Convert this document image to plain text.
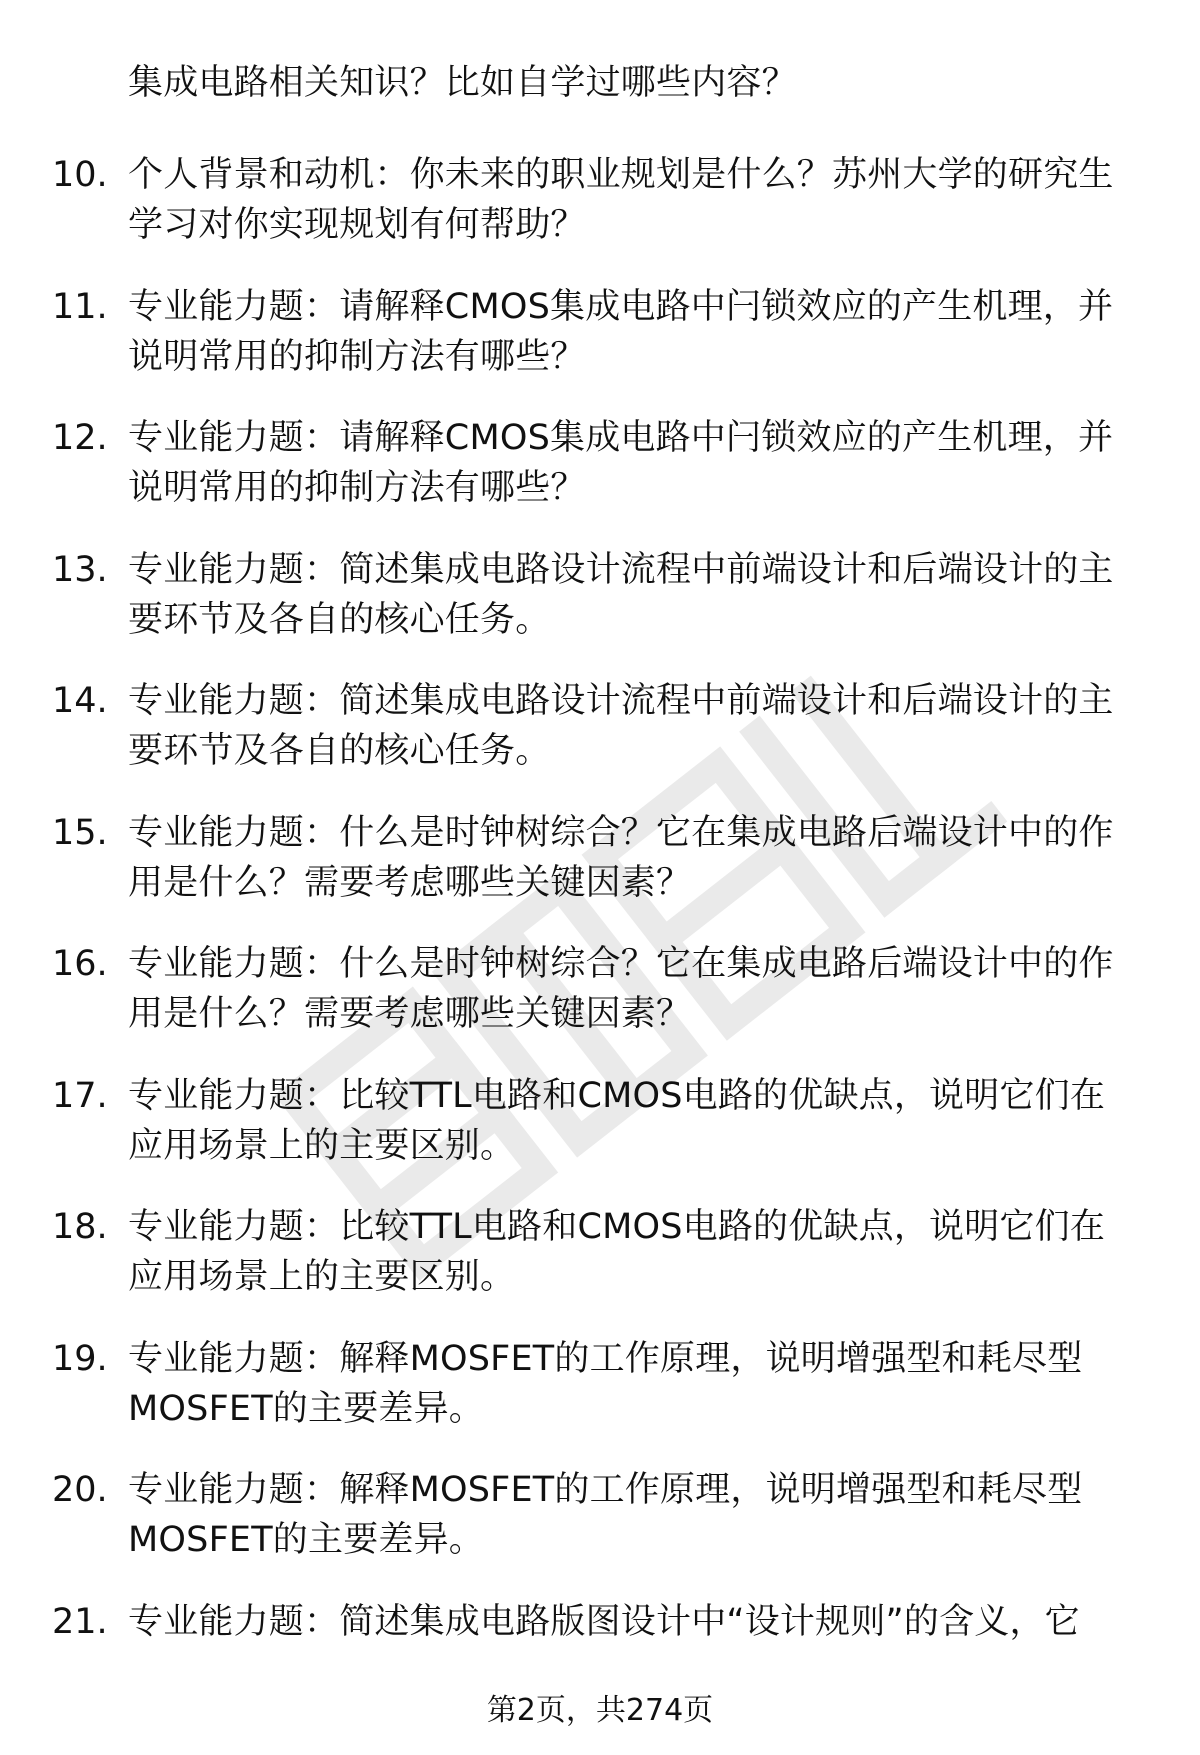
集成电路相关知识？比如自学过哪些内容？
10. 个人背景和动机：你未来的职业规划是什么？苏州大学的研究生
学习对你实现规划有何帮助？
11. 专业能力题：请解释CMOS集成电路中闩锁效应的产生机理，并
说明常用的抑制方法有哪些？
12. 专业能力题：请解释CMOS集成电路中闩锁效应的产生机理，并
说明常用的抑制方法有哪些？
13. 专业能力题：简述集成电路设计流程中前端设计和后端设计的主
要环节及各自的核心任务。
14. 专业能力题：简述集成电路设计流程中前端设计和后端设计的主
要环节及各自的核心任务。
15. 专业能力题：什么是时钟树综合？它在集成电路后端设计中的作
用是什么？需要考虑哪些关键因素？
16. 专业能力题：什么是时钟树综合？它在集成电路后端设计中的作
用是什么？需要考虑哪些关键因素？
17. 专业能力题：比较TTL电路和CMOS电路的优缺点，说明它们在
应用场景上的主要区别。
18. 专业能力题：比较TTL电路和CMOS电路的优缺点，说明它们在
应用场景上的主要区别。
19. 专业能力题：解释MOSFET的工作原理，说明增强型和耗尽型
MOSFET的主要差异。
20. 专业能力题：解释MOSFET的工作原理，说明增强型和耗尽型
MOSFET的主要差异。
21. 专业能力题：简述集成电路版图设计中“设计规则”的含义，它
第2页，共274页
